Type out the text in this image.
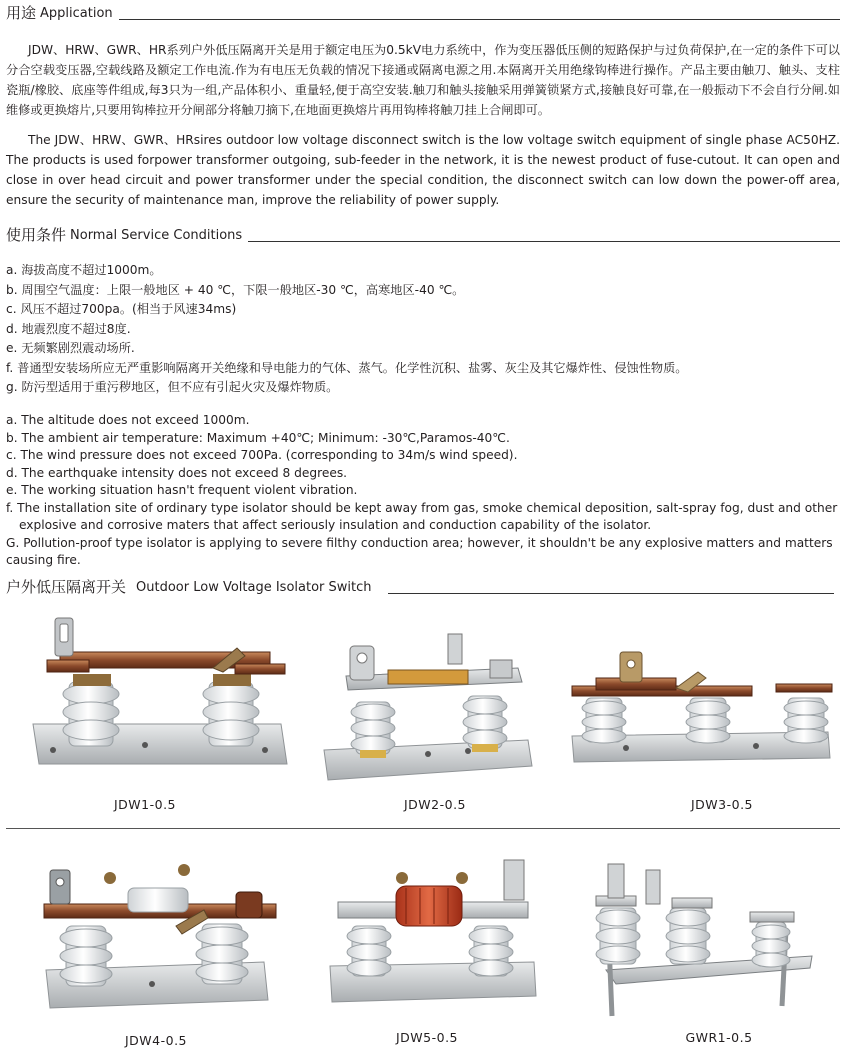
用途 Application

JDW、HRW、GWR、HR系列户外低压隔离开关是用于额定电压为0.5kV电力系统中，作为变压器低压侧的短路保护与过负荷保护,在一定的条件下可以分合空载变压器,空载线路及额定工作电流.作为有电压无负载的情况下接通或隔离电源之用.本隔离开关用绝缘钩棒进行操作。产品主要由触刀、触头、支柱瓷瓶/橡胶、底座等件组成,每3只为一组,产品体积小、重量轻,便于高空安装.触刀和触头接触采用弹簧锁紧方式,接触良好可靠,在一般振动下不会自行分闸.如维修或更换熔片,只要用钩棒拉开分闸部分将触刀摘下,在地面更换熔片再用钩棒将触刀挂上合闸即可。

The JDW、HRW、GWR、HRsires outdoor low voltage disconnect switch is the low voltage switch equipment of single phase AC50HZ. The products is used forpower transformer outgoing, sub-feeder in the network, it is the newest product of fuse-cutout. It can open and close in over head circuit and power transformer under the special condition, the disconnect switch can low down the power-off area, ensure the security of maintenance man, improve the reliability of power supply.

使用条件 Normal Service Conditions
a. 海拔高度不超过1000m。
b. 周围空气温度：上限一般地区 + 40 ℃，下限一般地区-30 ℃，高寒地区-40 ℃。
c. 风压不超过700pa。(相当于风速34ms)
d. 地震烈度不超过8度.
e. 无频繁剧烈震动场所.
f. 普通型安装场所应无严重影响隔离开关绝缘和导电能力的气体、蒸气。化学性沉积、盐雾、灰尘及其它爆炸性、侵蚀性物质。
g. 防污型适用于重污秽地区，但不应有引起火灾及爆炸物质。
a. The altitude does not exceed 1000m.
b. The ambient air temperature: Maximum +40℃; Minimum: -30℃,Paramos-40℃.
c. The wind pressure does not exceed 700Pa. (corresponding to 34m/s wind speed).
d. The earthquake intensity does not exceed 8 degrees.
e. The working situation hasn't frequent violent vibration.
f. The installation site of ordinary type isolator should be kept away from gas, smoke chemical deposition, salt-spray fog, dust and other explosive and corrosive maters that affect seriously insulation and conduction capability of the isolator.
G. Pollution-proof type isolator is applying to severe filthy conduction area; however, it shouldn't be any explosive matters and matters causing fire.
户外低压隔离开关 Outdoor Low Voltage Isolator Switch
JDW1-0.5	JDW2-0.5	JDW3-0.5
JDW4-0.5	JDW5-0.5	GWR1-0.5
